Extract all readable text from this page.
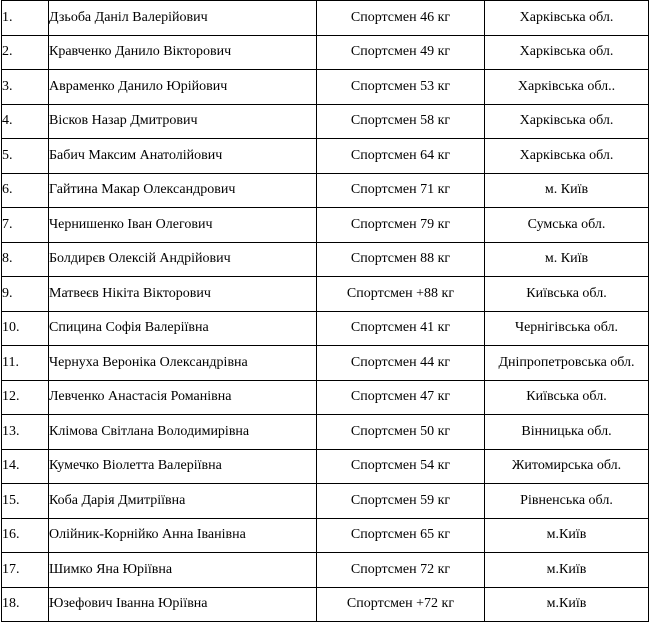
1.	Дзьоба Даніл Валерійович	Спортсмен 46 кг	Харківська обл.
2.	Кравченко Данило Вікторович	Спортсмен 49 кг	Харківська обл.
3.	Авраменко Данило Юрійович	Спортсмен 53 кг	Харківська обл..
4.	Вісков Назар Дмитрович	Спортсмен 58 кг	Харківська обл.
5.	Бабич Максим Анатолійович	Спортсмен 64 кг	Харківська обл.
6.	Гайтина Макар Олександрович	Спортсмен 71 кг	м. Київ
7.	Чернишенко Іван Олегович	Спортсмен 79 кг	Сумська обл.
8.	Болдирєв Олексій Андрійович	Спортсмен 88 кг	м. Київ
9.	Матвеєв Нікіта Вікторович	Спортсмен +88 кг	Київська обл.
10.	Спицина Софія Валеріївна	Спортсмен 41 кг	Чернігівська обл.
11.	Чернуха Вероніка Олександрівна	Спортсмен 44 кг	Дніпропетровська обл.
12.	Левченко Анастасія Романівна	Спортсмен 47 кг	Київська обл.
13.	Клімова Світлана Володимирівна	Спортсмен 50 кг	Вінницька обл.
14.	Кумечко Віолетта Валеріївна	Спортсмен 54 кг	Житомирська обл.
15.	Коба Дарія Дмитріївна	Спортсмен 59 кг	Рівненська обл.
16.	Олійник-Корнійко Анна Іванівна	Спортсмен 65 кг	м.Київ
17.	Шимко Яна Юріївна	Спортсмен 72 кг	м.Київ
18.	Юзефович Іванна Юріївна	Спортсмен +72 кг	м.Київ
